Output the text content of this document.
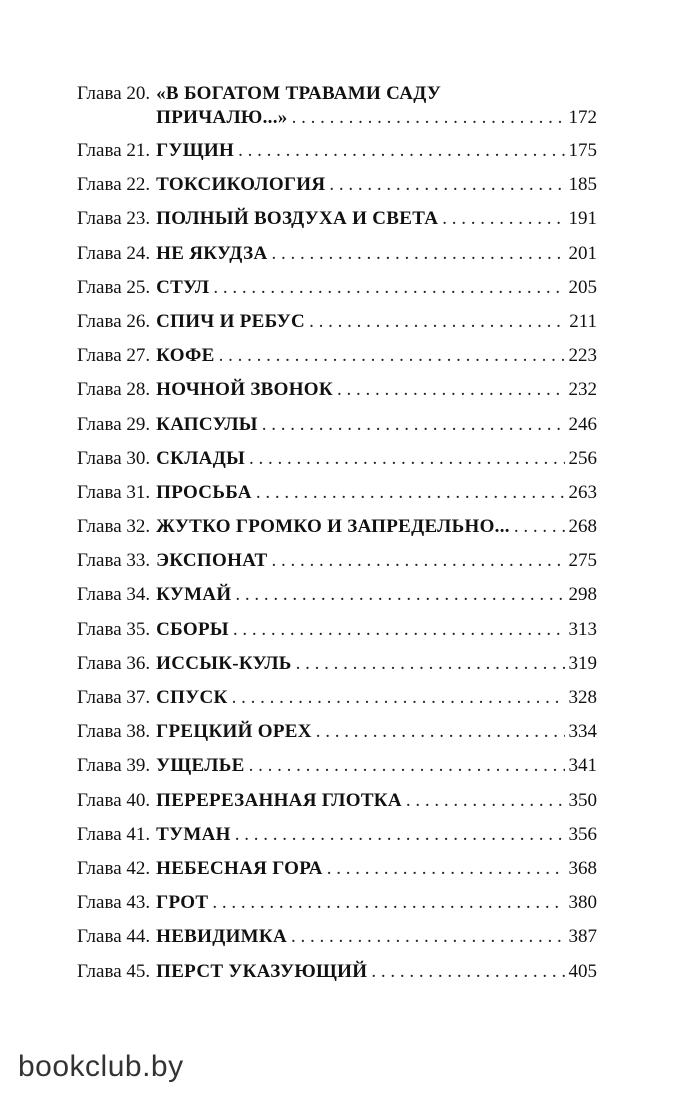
Глава 20. «В БОГАТОМ ТРАВАМИ САДУ
ПРИЧАЛЮ...» . . .	172
Глава 21. ГУЩИН . . .	175
Глава 22. ТОКСИКОЛОГИЯ . . .	185
Глава 23. ПОЛНЫЙ ВОЗДУХА И СВЕТА . . .	191
Глава 24. НЕ ЯКУДЗА . . .	201
Глава 25. СТУЛ . . .	205
Глава 26. СПИЧ И РЕБУС . . .	211
Глава 27. КОФЕ . . .	223
Глава 28. НОЧНОЙ ЗВОНОК . . .	232
Глава 29. КАПСУЛЫ . . .	246
Глава 30. СКЛАДЫ . . .	256
Глава 31. ПРОСЬБА . . .	263
Глава 32. ЖУТКО ГРОМКО И ЗАПРЕДЕЛЬНО... . . .	268
Глава 33. ЭКСПОНАТ . . .	275
Глава 34. КУМАЙ . . .	298
Глава 35. СБОРЫ . . .	313
Глава 36. ИССЫК-КУЛЬ . . .	319
Глава 37. СПУСК . . .	328
Глава 38. ГРЕЦКИЙ ОРЕХ . . .	334
Глава 39. УЩЕЛЬЕ . . .	341
Глава 40. ПЕРЕРЕЗАННАЯ ГЛОТКА . . .	350
Глава 41. ТУМАН . . .	356
Глава 42. НЕБЕСНАЯ ГОРА . . .	368
Глава 43. ГРОТ . . .	380
Глава 44. НЕВИДИМКА . . .	387
Глава 45. ПЕРСТ УКАЗУЮЩИЙ . . .	405
bookclub.by
